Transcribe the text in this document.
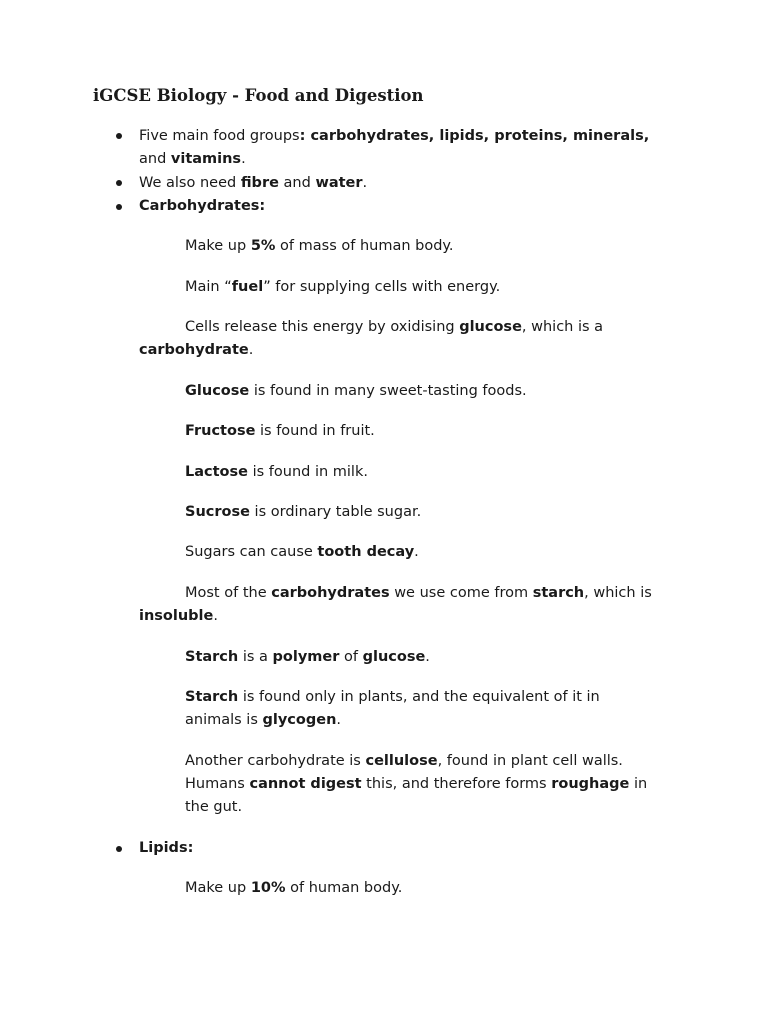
iGCSE Biology - Food and Digestion

Five main food groups: carbohydrates, lipids, proteins, minerals, and vitamins.

We also need fibre and water.

Carbohydrates:

Make up 5% of mass of human body.

Main “fuel” for supplying cells with energy.

Cells release this energy by oxidising glucose, which is a carbohydrate.

Glucose is found in many sweet-tasting foods.

Fructose is found in fruit.

Lactose is found in milk.

Sucrose is ordinary table sugar.

Sugars can cause tooth decay.

Most of the carbohydrates we use come from starch, which is insoluble.

Starch is a polymer of glucose.

Starch is found only in plants, and the equivalent of it in animals is glycogen.

Another carbohydrate is cellulose, found in plant cell walls. Humans cannot digest this, and therefore forms roughage in the gut.

Lipids:

Make up 10% of human body.
